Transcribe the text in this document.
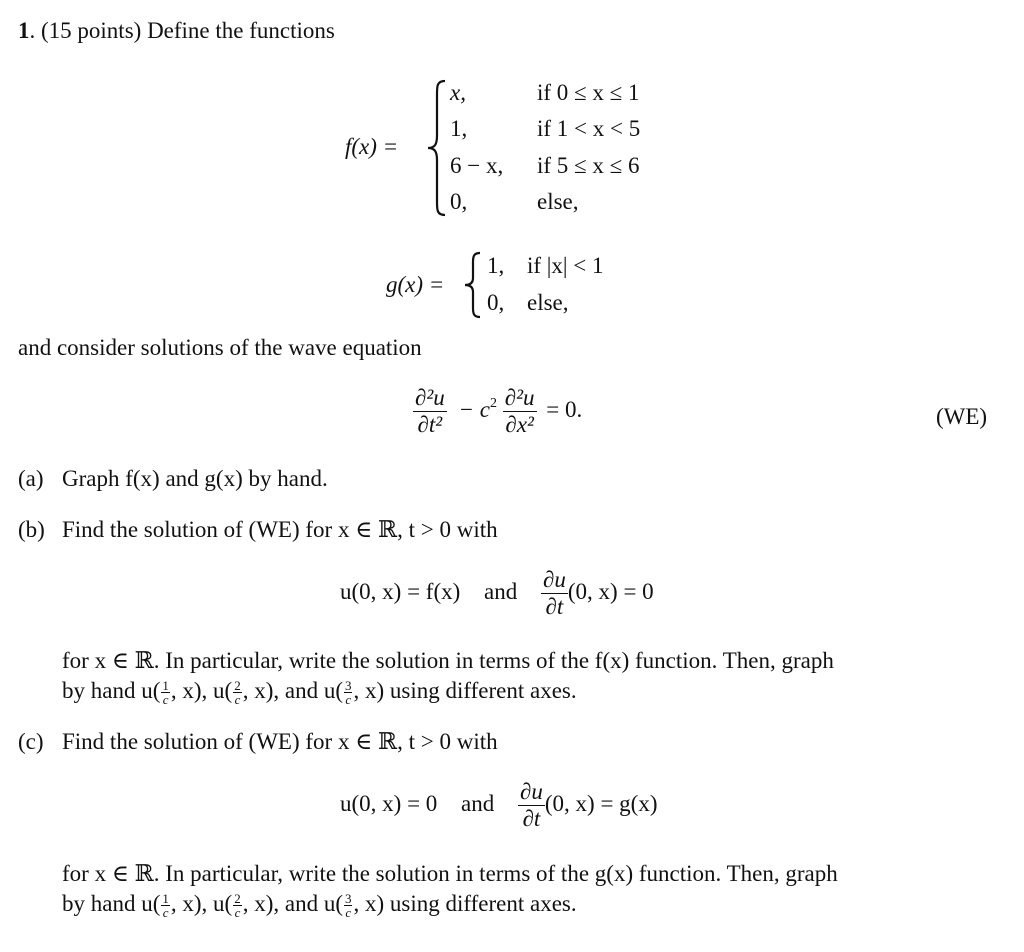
1. (15 points) Define the functions
f(x) =
x,	if 0 ≤ x ≤ 1
1,	if 1 < x < 5
6 − x, if 5 ≤ x ≤ 6
0,	else,
g(x) =
1, if |x| < 1
0, else,
and consider solutions of the wave equation
$\frac{\text{∂²u}}{\text{∂t²}} - c^2 \frac{\text{∂²u}}{\text{∂x²}} = 0$.	(WE)
(a) Graph f(x) and g(x) by hand.
(b) Find the solution of (WE) for x ∈ ℝ, t > 0 with
u(0, x) = f(x) and $\frac{\partial u}{\partial t} (0$, x) = 0
for x ∈ ℝ. In particular, write the solution in terms of the f(x) function. Then, graph
by hand $u( \frac{1}{c}$ , x), $u( \frac{2}{c}$ , x), and $u( \frac{3}{c}$ , x) using different axes.
(c) Find the solution of (WE) for x ∈ ℝ, t > 0 with
u(0, x) = 0 and $\frac{\partial u}{\partial t} (0$, x) = g(x)
for x ∈ ℝ. In particular, write the solution in terms of the g(x) function. Then, graph
by hand $u( \frac{1}{c}$ , x), $u( \frac{2}{c}$ , x), and $u( \frac{3}{c}$ , x) using different axes.
